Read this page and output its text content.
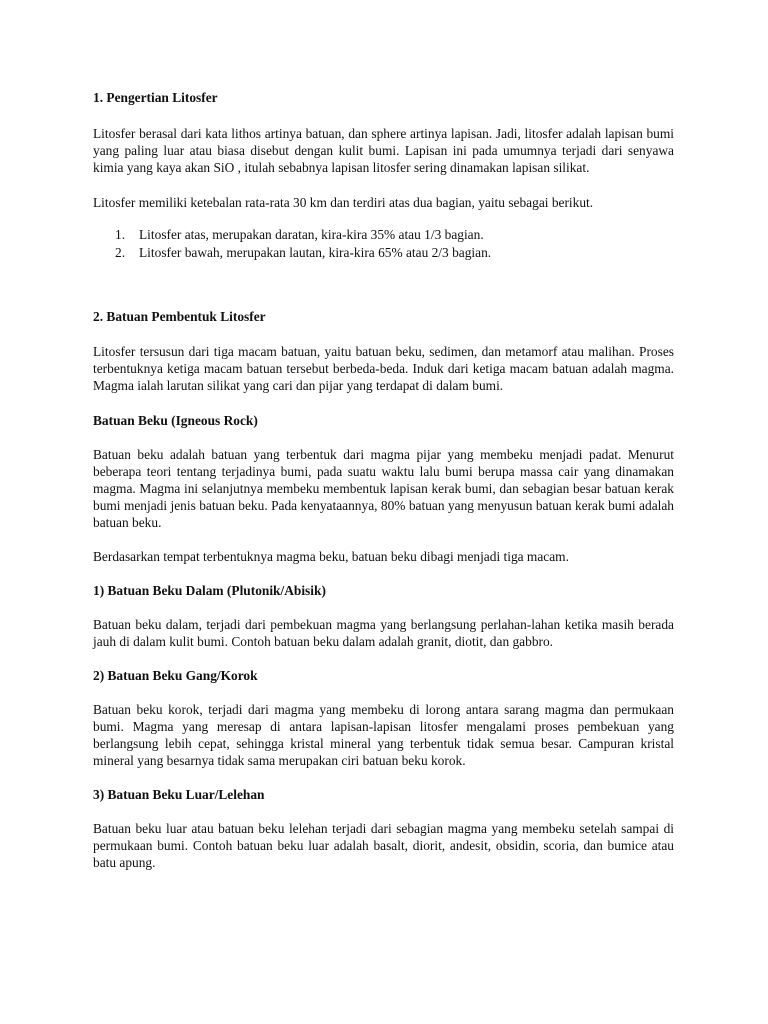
1. Pengertian Litosfer

Litosfer berasal dari kata lithos artinya batuan, dan sphere artinya lapisan. Jadi, litosfer adalah lapisan bumi yang paling luar atau biasa disebut dengan kulit bumi. Lapisan ini pada umumnya terjadi dari senyawa kimia yang kaya akan SiO , itulah sebabnya lapisan litosfer sering dinamakan lapisan silikat.

Litosfer memiliki ketebalan rata-rata 30 km dan terdiri atas dua bagian, yaitu sebagai berikut.

1. Litosfer atas, merupakan daratan, kira-kira 35% atau 1/3 bagian.
2. Litosfer bawah, merupakan lautan, kira-kira 65% atau 2/3 bagian.

2. Batuan Pembentuk Litosfer

Litosfer tersusun dari tiga macam batuan, yaitu batuan beku, sedimen, dan metamorf atau malihan. Proses terbentuknya ketiga macam batuan tersebut berbeda-beda. Induk dari ketiga macam batuan adalah magma. Magma ialah larutan silikat yang cari dan pijar yang terdapat di dalam bumi.

Batuan Beku (Igneous Rock)

Batuan beku adalah batuan yang terbentuk dari magma pijar yang membeku menjadi padat. Menurut beberapa teori tentang terjadinya bumi, pada suatu waktu lalu bumi berupa massa cair yang dinamakan magma. Magma ini selanjutnya membeku membentuk lapisan kerak bumi, dan sebagian besar batuan kerak bumi menjadi jenis batuan beku. Pada kenyataannya, 80% batuan yang menyusun batuan kerak bumi adalah batuan beku.

Berdasarkan tempat terbentuknya magma beku, batuan beku dibagi menjadi tiga macam.

1) Batuan Beku Dalam (Plutonik/Abisik)

Batuan beku dalam, terjadi dari pembekuan magma yang berlangsung perlahan-lahan ketika masih berada jauh di dalam kulit bumi. Contoh batuan beku dalam adalah granit, diotit, dan gabbro.

2) Batuan Beku Gang/Korok

Batuan beku korok, terjadi dari magma yang membeku di lorong antara sarang magma dan permukaan bumi. Magma yang meresap di antara lapisan-lapisan litosfer mengalami proses pembekuan yang berlangsung lebih cepat, sehingga kristal mineral yang terbentuk tidak semua besar. Campuran kristal mineral yang besarnya tidak sama merupakan ciri batuan beku korok.

3) Batuan Beku Luar/Lelehan

Batuan beku luar atau batuan beku lelehan terjadi dari sebagian magma yang membeku setelah sampai di permukaan bumi. Contoh batuan beku luar adalah basalt, diorit, andesit, obsidin, scoria, dan bumice atau batu apung.
